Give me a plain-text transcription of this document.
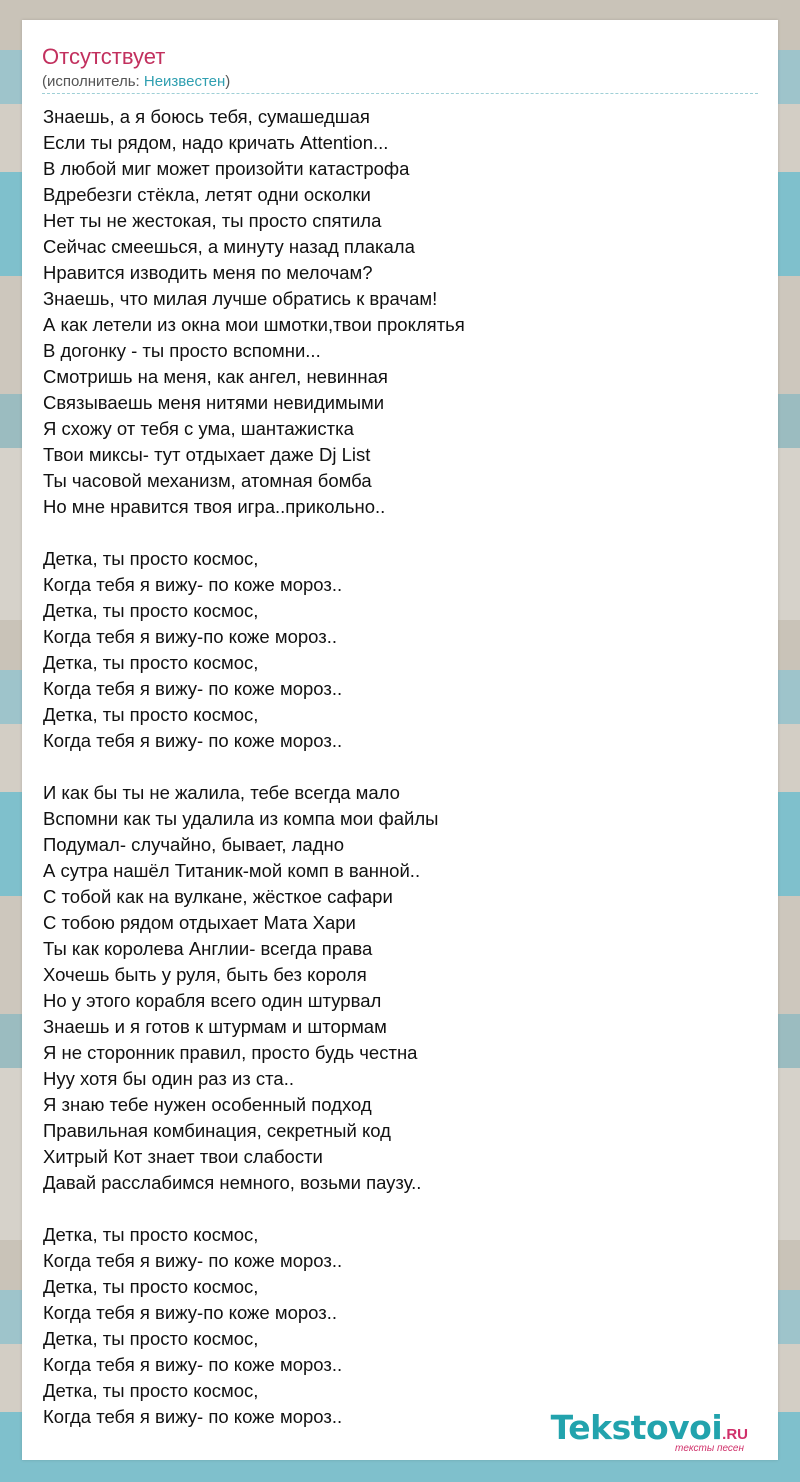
Отсутствует
(исполнитель: Неизвестен)
Знаешь, а я боюсь тебя, сумашедшая
Если ты рядом, надо кричать Attention...
В любой миг может произойти катастрофа
Вдребезги стёкла, летят одни осколки
Нет ты не жестокая, ты просто спятила
Сейчас смеешься, а минуту назад плакала
Нравится изводить меня по мелочам?
Знаешь, что милая лучше обратись к врачам!
А как летели из окна мои шмотки,твои проклятья
В догонку - ты просто вспомни...
Смотришь на меня, как ангел, невинная
Связываешь меня нитями невидимыми
Я схожу от тебя с ума, шантажистка
Твои миксы- тут отдыхает даже Dj List
Ты часовой механизм, атомная бомба
Но мне нравится твоя игра..прикольно..

Детка, ты просто космос,
Когда тебя я вижу- по коже мороз..
Детка, ты просто космос,
Когда тебя я вижу-по коже мороз..
Детка, ты просто космос,
Когда тебя я вижу- по коже мороз..
Детка, ты просто космос,
Когда тебя я вижу- по коже мороз..

И как бы ты не жалила, тебе всегда мало
Вспомни как ты удалила из компа мои файлы
Подумал- случайно, бывает, ладно
А сутра нашёл Титаник-мой комп в ванной..
С тобой как на вулкане, жёсткое сафари
С тобою рядом отдыхает Мата Хари
Ты как королева Англии- всегда права
Хочешь быть у руля, быть без короля
Но у этого корабля всего один штурвал
Знаешь и я готов к штурмам и штормам
Я не сторонник правил, просто будь честна
Нуу хотя бы один раз из ста..
Я знаю тебе нужен особенный подход
Правильная комбинация, секретный код
Хитрый Кот знает твои слабости
Давай расслабимся немного, возьми паузу..

Детка, ты просто космос,
Когда тебя я вижу- по коже мороз..
Детка, ты просто космос,
Когда тебя я вижу-по коже мороз..
Детка, ты просто космос,
Когда тебя я вижу- по коже мороз..
Детка, ты просто космос,
Когда тебя я вижу- по коже мороз..	Tekstovoi.RU
тексты песен
